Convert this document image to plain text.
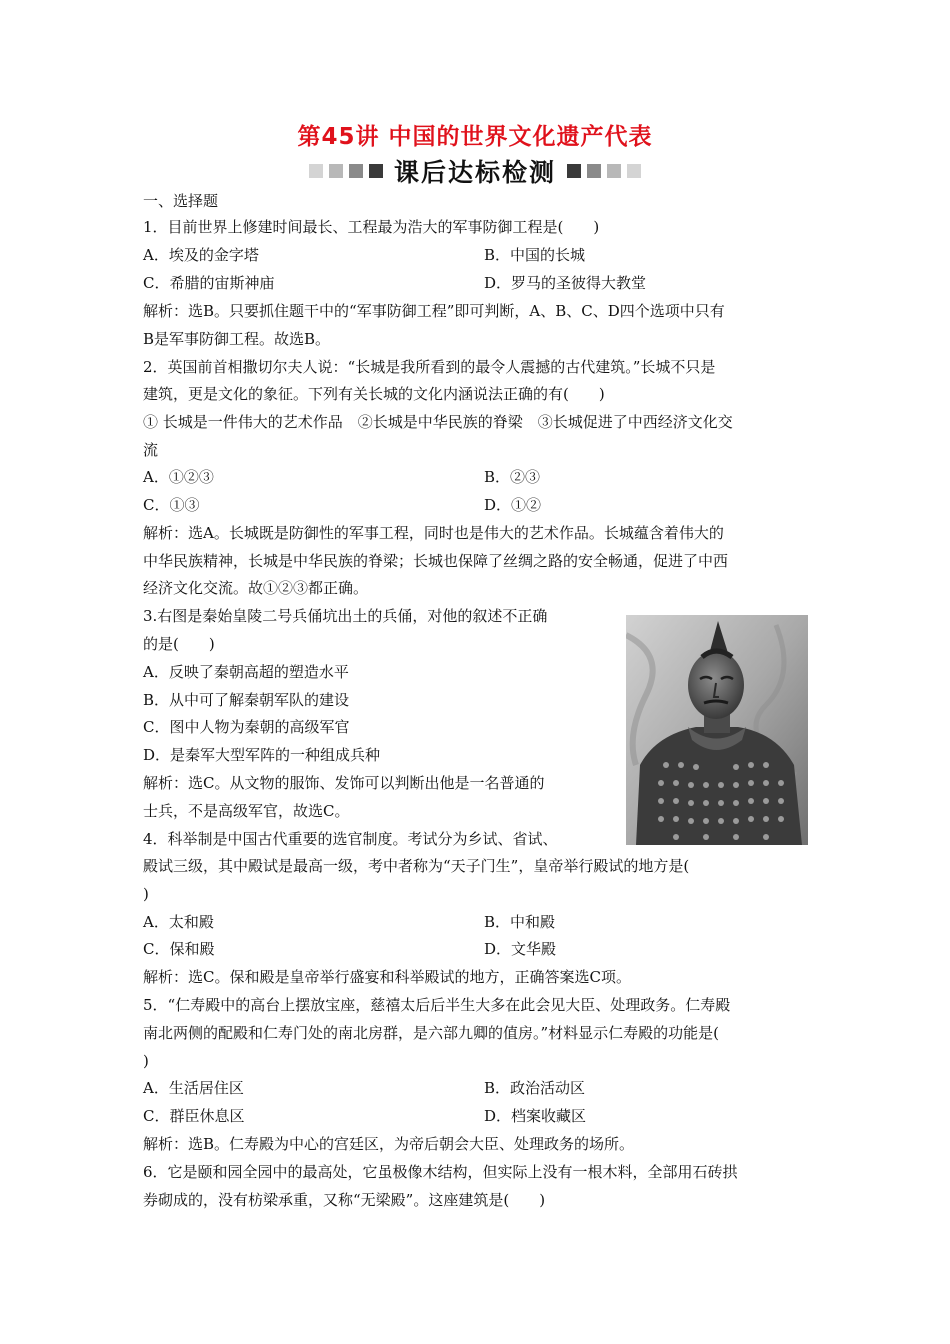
第45讲 中国的世界文化遗产代表
课后达标检测
一、选择题
1．目前世界上修建时间最长、工程最为浩大的军事防御工程是(　　)
A．埃及的金字塔	B．中国的长城
C．希腊的宙斯神庙	D．罗马的圣彼得大教堂
解析：选B。只要抓住题干中的“军事防御工程”即可判断，A、B、C、D四个选项中只有
B是军事防御工程。故选B。
2．英国前首相撒切尔夫人说：“长城是我所看到的最令人震撼的古代建筑。”长城不只是
建筑，更是文化的象征。下列有关长城的文化内涵说法正确的有(　　)
① 长城是一件伟大的艺术作品　②长城是中华民族的脊梁　③长城促进了中西经济文化交
流
A．①②③	B．②③
C．①③	D．①②
解析：选A。长城既是防御性的军事工程，同时也是伟大的艺术作品。长城蕴含着伟大的
中华民族精神，长城是中华民族的脊梁；长城也保障了丝绸之路的安全畅通，促进了中西
经济文化交流。故①②③都正确。
3.右图是秦始皇陵二号兵俑坑出土的兵俑，对他的叙述不正确
的是(　　)
A．反映了秦朝高超的塑造水平
B．从中可了解秦朝军队的建设
C．图中人物为秦朝的高级军官
D．是秦军大型军阵的一种组成兵种
解析：选C。从文物的服饰、发饰可以判断出他是一名普通的
士兵，不是高级军官，故选C。
4．科举制是中国古代重要的选官制度。考试分为乡试、省试、
殿试三级，其中殿试是最高一级，考中者称为“天子门生”，皇帝举行殿试的地方是(
)
A．太和殿	B．中和殿
C．保和殿	D．文华殿
解析：选C。保和殿是皇帝举行盛宴和科举殿试的地方，正确答案选C项。
5．“仁寿殿中的高台上摆放宝座，慈禧太后后半生大多在此会见大臣、处理政务。仁寿殿
南北两侧的配殿和仁寿门处的南北房群，是六部九卿的值房。”材料显示仁寿殿的功能是(
)
A．生活居住区	B．政治活动区
C．群臣休息区	D．档案收藏区
解析：选B。仁寿殿为中心的宫廷区，为帝后朝会大臣、处理政务的场所。
6．它是颐和园全园中的最高处，它虽极像木结构，但实际上没有一根木料，全部用石砖拱
券砌成的，没有枋梁承重，又称“无梁殿”。这座建筑是(　　)
